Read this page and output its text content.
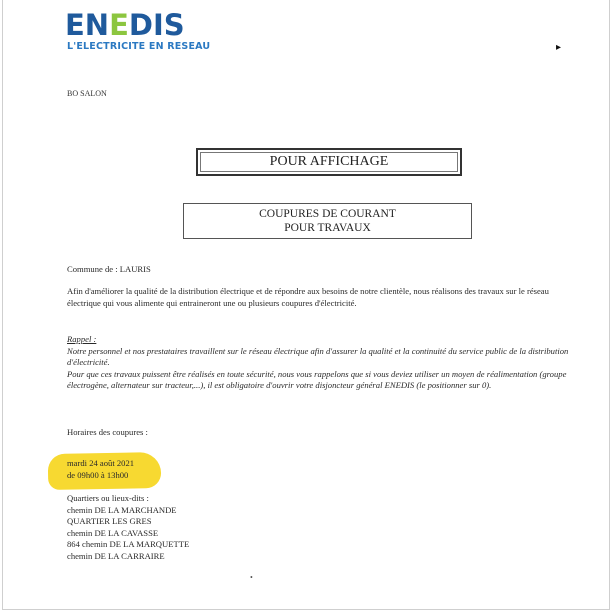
ENEDIS
L'ELECTRICITE EN RESEAU	▸
BO SALON
POUR AFFICHAGE
COUPURES DE COURANT
POUR TRAVAUX
Commune de : LAURIS
Afin d'améliorer la qualité de la distribution électrique et de répondre aux besoins de notre clientèle, nous réalisons des travaux sur le réseau électrique qui vous alimente qui entraineront une ou plusieurs coupures d'électricité.
Rappel :
Notre personnel et nos prestataires travaillent sur le réseau électrique afin d'assurer la qualité et la continuité du service public de la distribution d'électricité.
Pour que ces travaux puissent être réalisés en toute sécurité, nous vous rappelons que si vous deviez utiliser un moyen de réalimentation (groupe électrogène, alternateur sur tracteur,...), il est obligatoire d'ouvrir votre disjoncteur général ENEDIS (le positionner sur 0).
Horaires des coupures :
mardi 24 août 2021
de 09h00 à 13h00
Quartiers ou lieux-dits :
chemin DE LA MARCHANDE
QUARTIER LES GRES
chemin DE LA CAVASSE
864 chemin DE LA MARQUETTE
chemin DE LA CARRAIRE
•
